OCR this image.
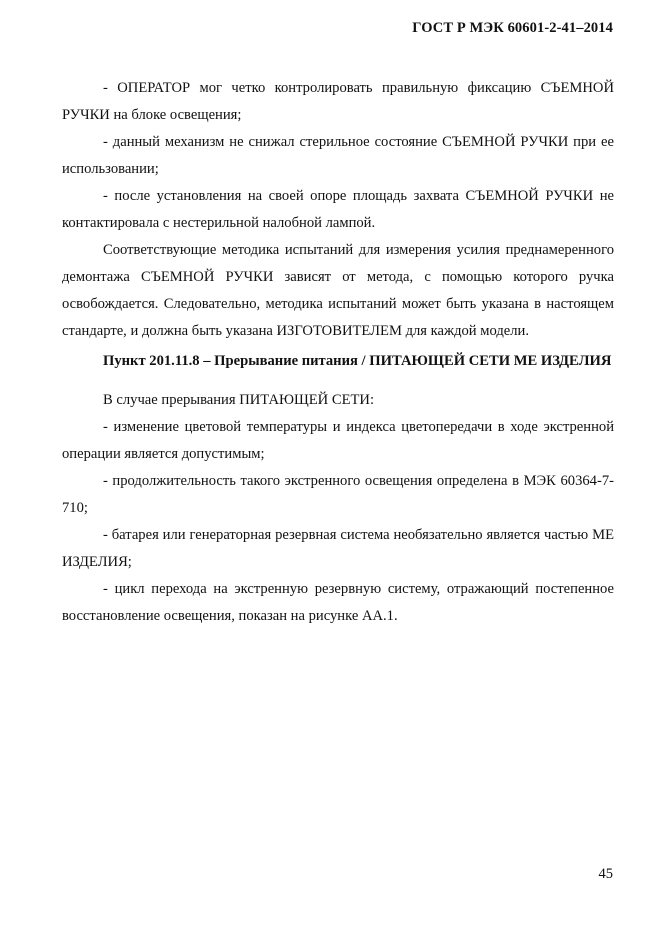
ГОСТ Р МЭК 60601-2-41–2014

- ОПЕРАТОР мог четко контролировать правильную фиксацию СЪЕМНОЙ РУЧКИ на блоке освещения;

- данный механизм не снижал стерильное состояние СЪЕМНОЙ РУЧКИ при ее использовании;

- после установления на своей опоре площадь захвата СЪЕМНОЙ РУЧКИ не контактировала с нестерильной налобной лампой.

Соответствующие методика испытаний для измерения усилия преднамеренного демонтажа СЪЕМНОЙ РУЧКИ зависят от метода, с помощью которого ручка освобождается. Следовательно, методика испытаний может быть указана в настоящем стандарте, и должна быть указана ИЗГОТОВИТЕЛЕМ для каждой модели.

Пункт 201.11.8 – Прерывание питания / ПИТАЮЩЕЙ СЕТИ МЕ ИЗДЕЛИЯ

В случае прерывания ПИТАЮЩЕЙ СЕТИ:

- изменение цветовой температуры и индекса цветопередачи в ходе экстренной операции является допустимым;

- продолжительность такого экстренного освещения определена в МЭК 60364-7-710;

- батарея или генераторная резервная система необязательно является частью МЕ ИЗДЕЛИЯ;

- цикл перехода на экстренную резервную систему, отражающий постепенное восстановление освещения, показан на рисунке АА.1.

45
